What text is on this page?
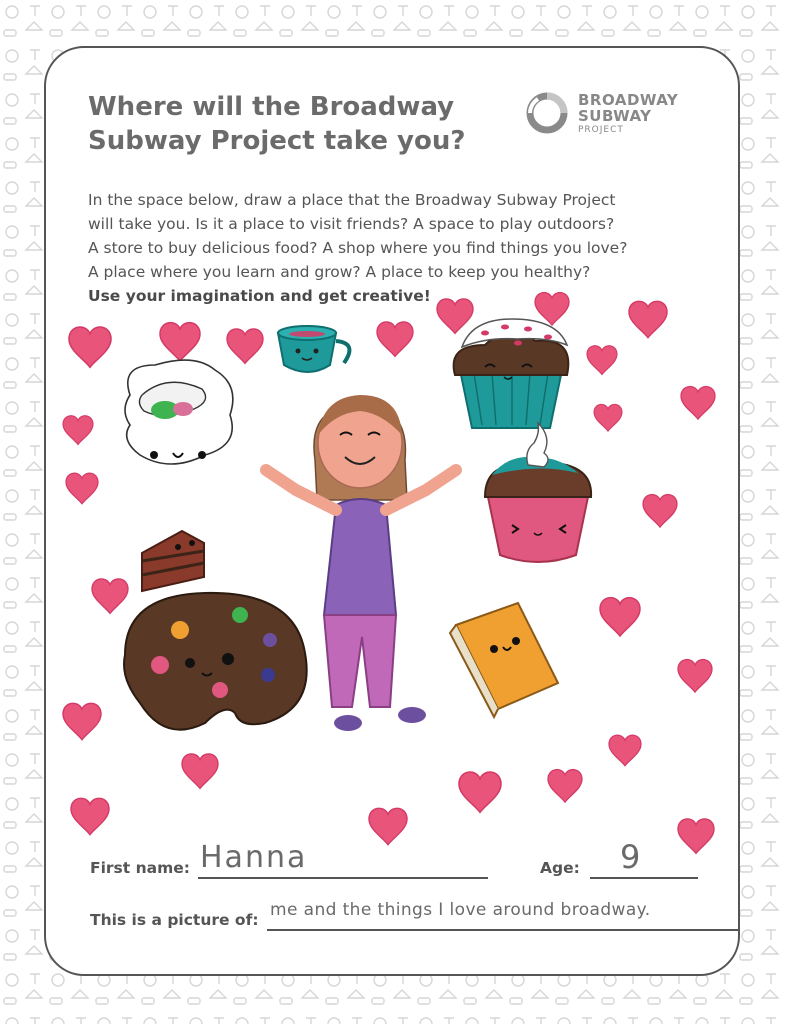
Where will the Broadway
Subway Project take you?
BROADWAY
SUBWAY
PROJECT
In the space below, draw a place that the Broadway Subway Project
will take you. Is it a place to visit friends? A space to play outdoors?
A store to buy delicious food? A shop where you find things you love?
A place where you learn and grow? A place to keep you healthy?
Use your imagination and get creative!
First name: Hanna	Age: 9
This is a picture of: me and the things I love around broadway.
